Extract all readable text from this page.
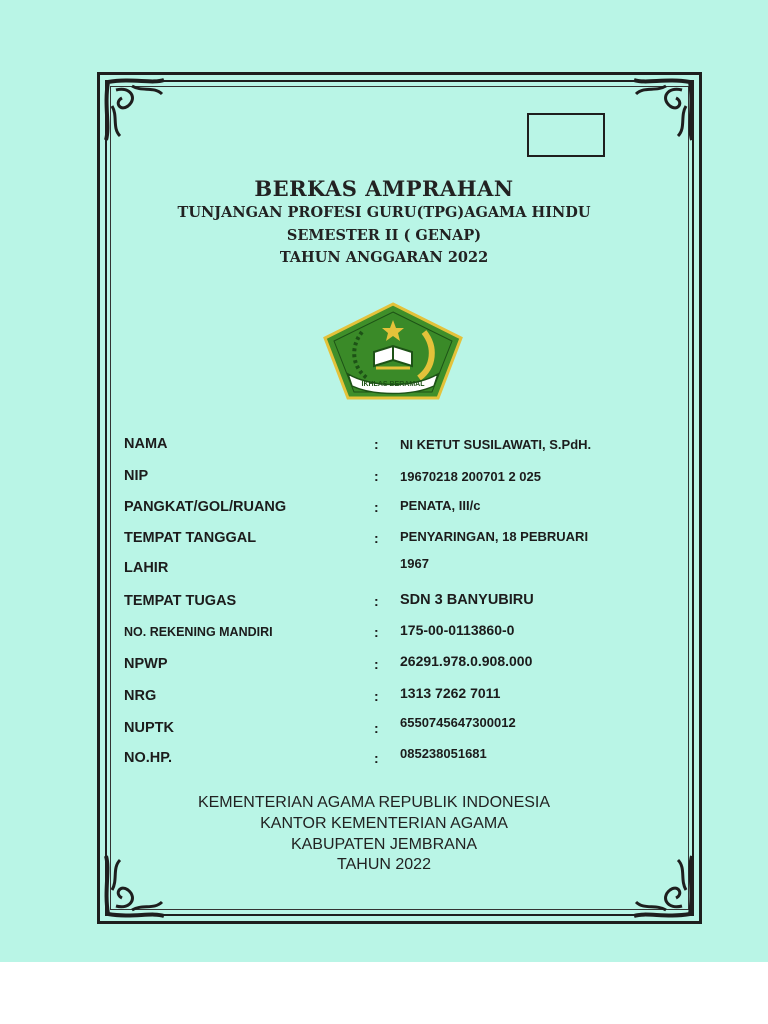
BERKAS AMPRAHAN
TUNJANGAN PROFESI GURU(TPG)AGAMA HINDU
SEMESTER II ( GENAP)
TAHUN ANGGARAN 2022
IKHLAS BERAMAL
NAMA	: NI KETUT SUSILAWATI, S.PdH.
NIP	: 19670218 200701 2 025
PANGKAT/GOL/RUANG	: PENATA, III/c
TEMPAT TANGGAL	: PENYARINGAN, 18 PEBRUARI
LAHIR	1967
TEMPAT TUGAS	: SDN 3 BANYUBIRU
NO. REKENING MANDIRI	: 175-00-0113860-0
NPWP	: 26291.978.0.908.000
NRG	: 1313 7262 7011
NUPTK	: 6550745647300012
NO.HP.	: 085238051681
KEMENTERIAN AGAMA REPUBLIK INDONESIA
KANTOR KEMENTERIAN AGAMA
KABUPATEN JEMBRANA
TAHUN 2022
